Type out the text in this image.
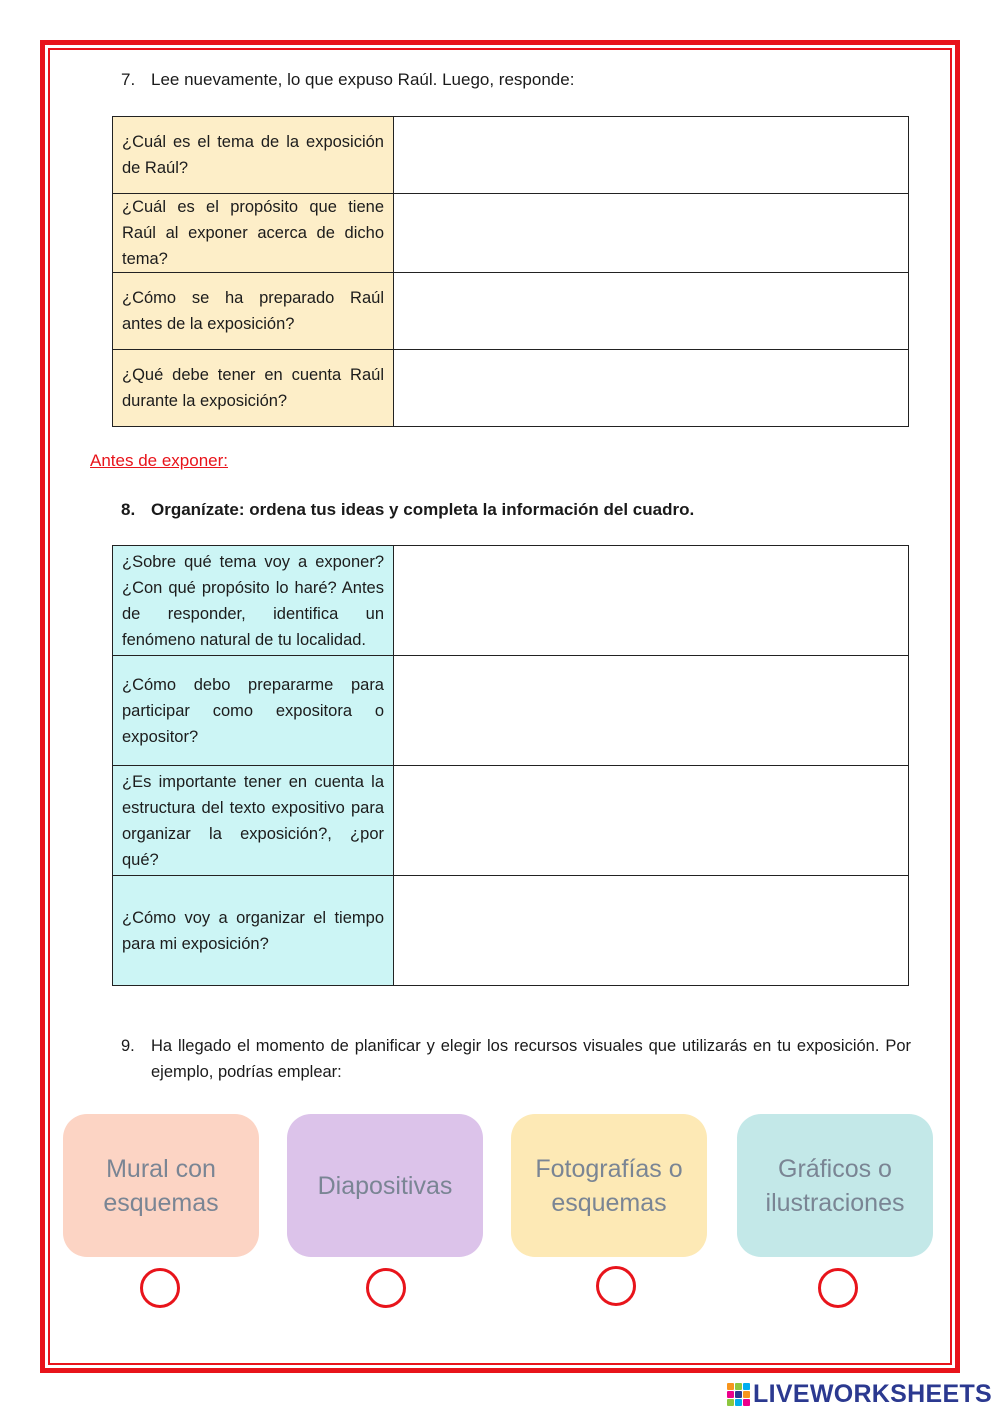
7. Lee nuevamente, lo que expuso Raúl. Luego, responde:
¿Cuál es el tema de la exposición de Raúl?	
¿Cuál es el propósito que tiene Raúl al exponer acerca de dicho tema?	
¿Cómo se ha preparado Raúl antes de la exposición?	
¿Qué debe tener en cuenta Raúl durante la exposición?	
Antes de exponer:
8. Organízate: ordena tus ideas y completa la información del cuadro.
¿Sobre qué tema voy a exponer? ¿Con qué propósito lo haré? Antes de responder, identifica un fenómeno natural de tu localidad.	
¿Cómo debo prepararme para participar como expositora o expositor?	
¿Es importante tener en cuenta la estructura del texto expositivo para organizar la exposición?, ¿por qué?	
¿Cómo voy a organizar el tiempo para mi exposición?	
9. Ha llegado el momento de planificar y elegir los recursos visuales que utilizarás en tu exposición. Por ejemplo, podrías emplear:
Mural con
esquemas
Diapositivas
Fotografías o
esquemas
Gráficos o
ilustraciones
LIVEWORKSHEETS
